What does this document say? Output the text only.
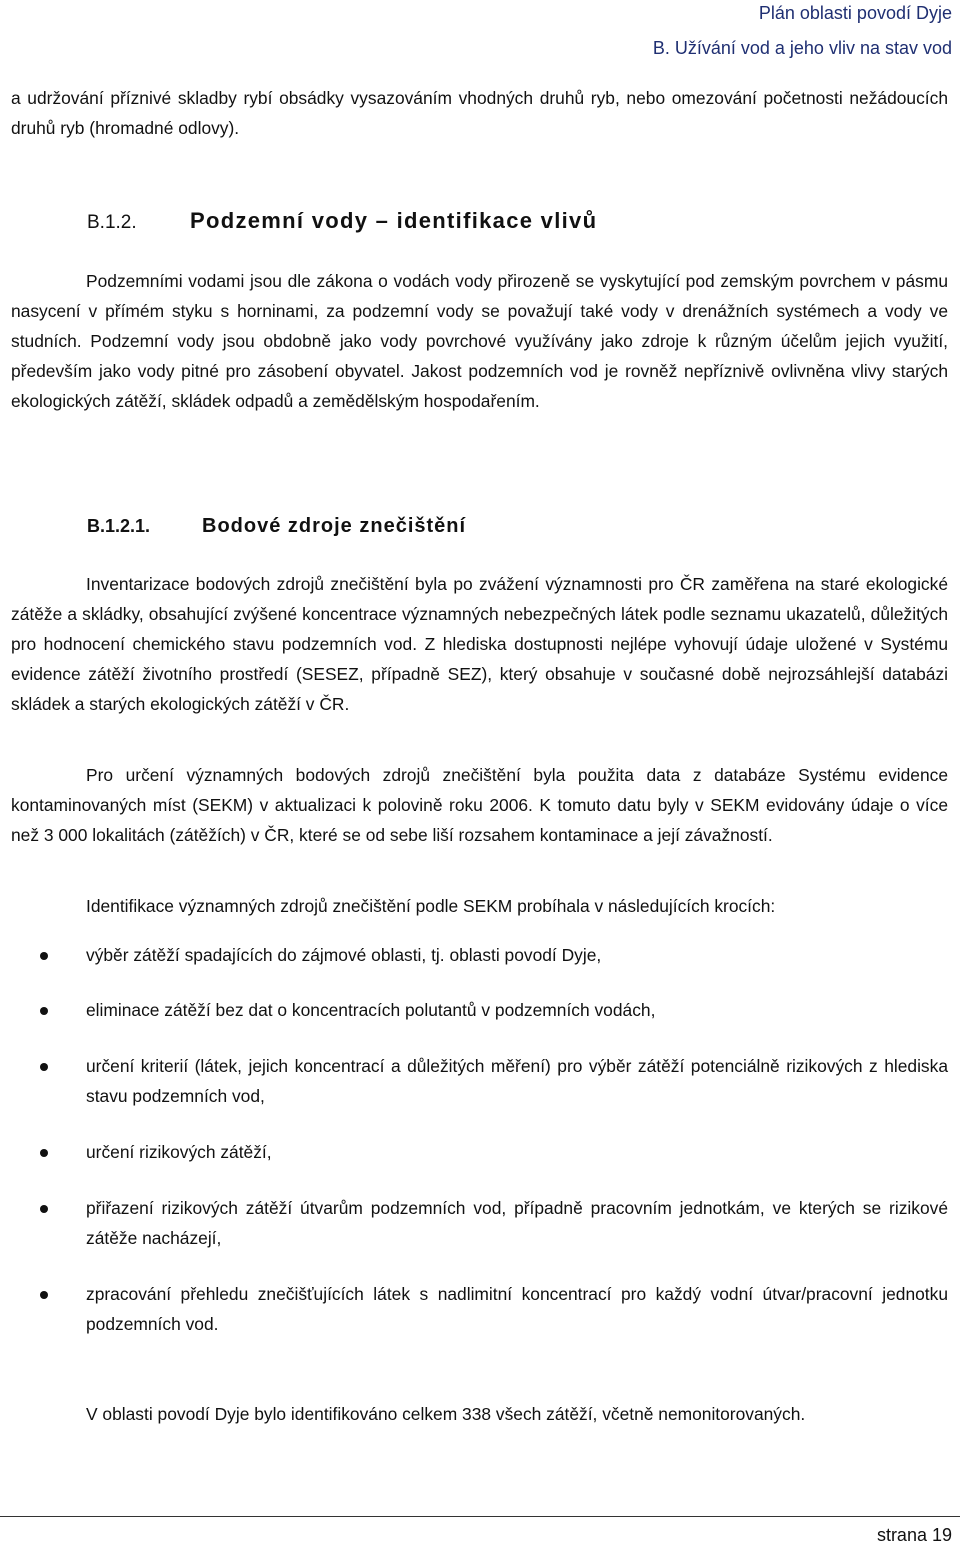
Plán oblasti povodí Dyje
B. Užívání vod a jeho vliv na stav vod

a udržování příznivé skladby rybí obsádky vysazováním vhodných druhů ryb, nebo omezování početnosti nežádoucích druhů ryb (hromadné odlovy).

B.1.2. Podzemní vody – identifikace vlivů

Podzemními vodami jsou dle zákona o vodách vody přirozeně se vyskytující pod zemským povrchem v pásmu nasycení v přímém styku s horninami, za podzemní vody se považují také vody v drenážních systémech a vody ve studních. Podzemní vody jsou obdobně jako vody povrchové využívány jako zdroje k různým účelům jejich využití, především jako vody pitné pro zásobení obyvatel. Jakost podzemních vod je rovněž nepříznivě ovlivněna vlivy starých ekologických zátěží, skládek odpadů a zemědělským hospodařením.

B.1.2.1.	Bodové zdroje znečištění

Inventarizace bodových zdrojů znečištění byla po zvážení významnosti pro ČR zaměřena na staré ekologické zátěže a skládky, obsahující zvýšené koncentrace významných nebezpečných látek podle seznamu ukazatelů, důležitých pro hodnocení chemického stavu podzemních vod. Z hlediska dostupnosti nejlépe vyhovují údaje uložené v Systému evidence zátěží životního prostředí (SESEZ, případně SEZ), který obsahuje v současné době nejrozsáhlejší databázi skládek a starých ekologických zátěží v ČR.

Pro určení významných bodových zdrojů znečištění byla použita data z databáze Systému evidence kontaminovaných míst (SEKM) v aktualizaci k polovině roku 2006. K tomuto datu byly v SEKM evidovány údaje o více než 3 000 lokalitách (zátěžích) v ČR, které se od sebe liší rozsahem kontaminace a její závažností.

Identifikace významných zdrojů znečištění podle SEKM probíhala v následujících krocích:

výběr zátěží spadajících do zájmové oblasti, tj. oblasti povodí Dyje,

eliminace zátěží bez dat o koncentracích polutantů v podzemních vodách,

určení kriterií (látek, jejich koncentrací a důležitých měření) pro výběr zátěží potenciálně rizikových z hlediska stavu podzemních vod,

určení rizikových zátěží,

přiřazení rizikových zátěží útvarům podzemních vod, případně pracovním jednotkám, ve kterých se rizikové zátěže nacházejí,

zpracování přehledu znečišťujících látek s nadlimitní koncentrací pro každý vodní útvar/pracovní jednotku podzemních vod.

V oblasti povodí Dyje bylo identifikováno celkem 338 všech zátěží, včetně nemonitorovaných.

strana 19
